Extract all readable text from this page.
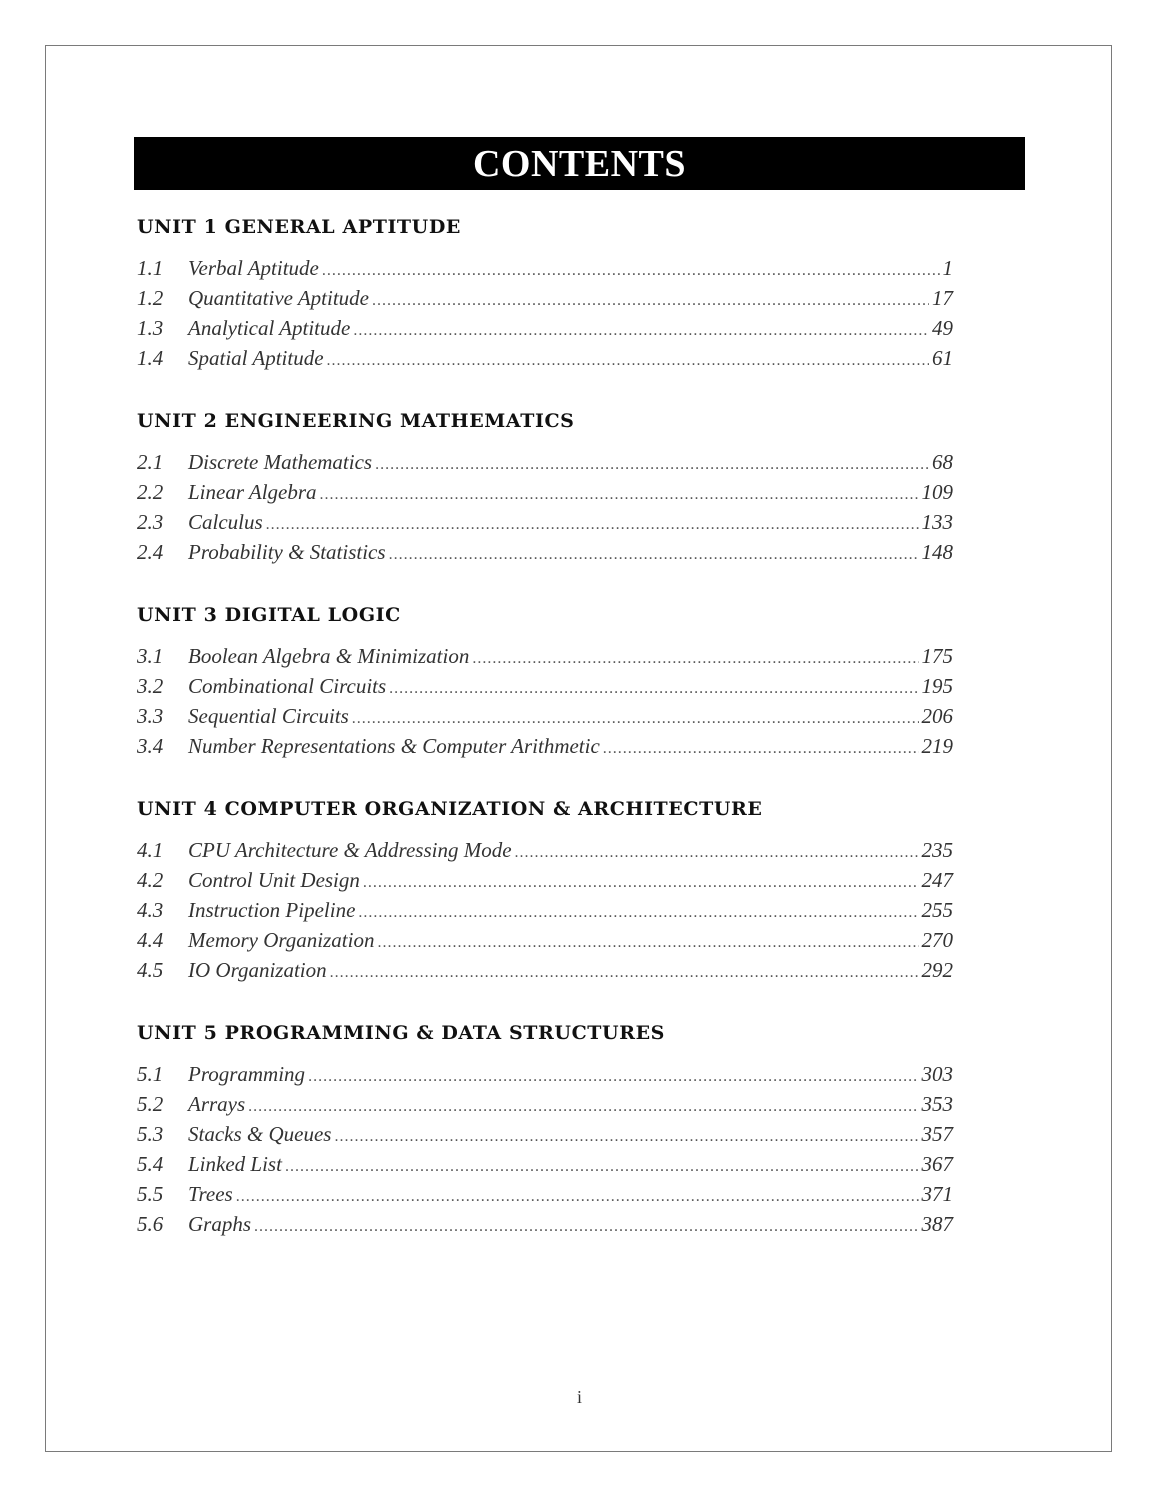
CONTENTS
UNIT 1 GENERAL APTITUDE
1.1	Verbal Aptitude .....	1
1.2	Quantitative Aptitude .....	17
1.3	Analytical Aptitude .....	49
1.4	Spatial Aptitude .....	61
UNIT 2 ENGINEERING MATHEMATICS
2.1	Discrete Mathematics .....	68
2.2	Linear Algebra .....	109
2.3	Calculus .....	133
2.4	Probability & Statistics .....	148
UNIT 3 DIGITAL LOGIC
3.1	Boolean Algebra & Minimization .....	175
3.2	Combinational Circuits .....	195
3.3	Sequential Circuits .....	206
3.4	Number Representations & Computer Arithmetic .....	219
UNIT 4 COMPUTER ORGANIZATION & ARCHITECTURE
4.1	CPU Architecture & Addressing Mode .....	235
4.2	Control Unit Design .....	247
4.3	Instruction Pipeline .....	255
4.4	Memory Organization .....	270
4.5	IO Organization .....	292
UNIT 5 PROGRAMMING & DATA STRUCTURES
5.1	Programming .....	303
5.2	Arrays .....	353
5.3	Stacks & Queues .....	357
5.4	Linked List .....	367
5.5	Trees .....	371
5.6	Graphs .....	387
i
